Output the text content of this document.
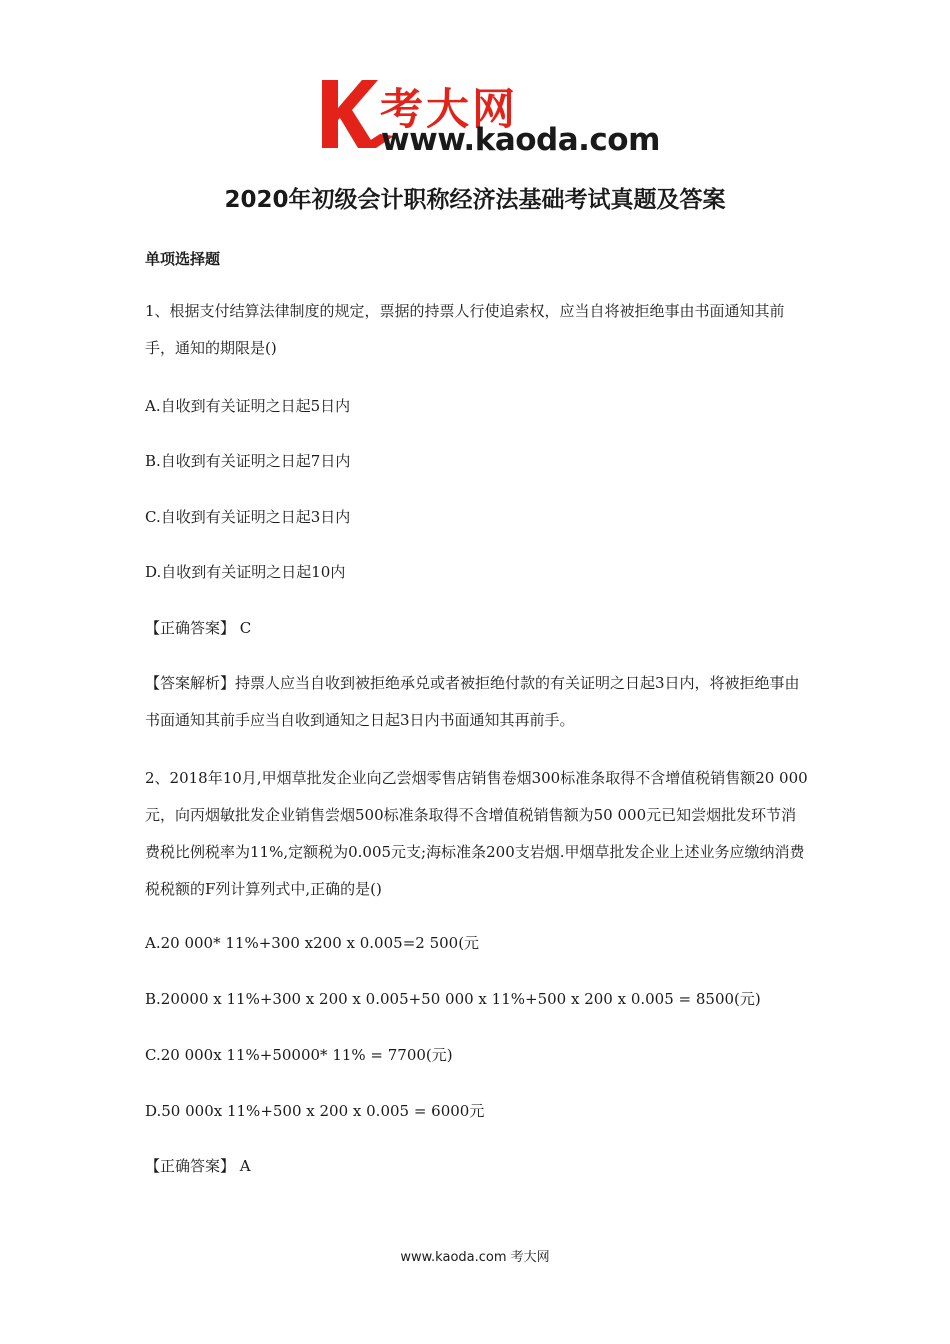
考大网
www.kaoda.com
2020年初级会计职称经济法基础考试真题及答案
单项选择题

1、根据支付结算法律制度的规定，票据的持票人行使追索权，应当自将被拒绝事由书面通知其前手，通知的期限是()

A.自收到有关证明之日起5日内

B.自收到有关证明之日起7日内

C.自收到有关证明之日起3日内

D.自收到有关证明之日起10内

【正确答案】 C

【答案解析】持票人应当自收到被拒绝承兑或者被拒绝付款的有关证明之日起3日内，将被拒绝事由书面通知其前手应当自收到通知之日起3日内书面通知其再前手。

2、2018年10月,甲烟草批发企业向乙尝烟零售店销售卷烟300标准条取得不含增值税销售额20 000元，向丙烟敏批发企业销售尝烟500标准条取得不含增值税销售额为50 000元已知尝烟批发环节消费税比例税率为11%,定额税为0.005元支;海标准条200支岩烟.甲烟草批发企业上述业务应缴纳消费税税额的F列计算列式中,正确的是()

A.20 000* 11%+300 x200 x 0.005=2 500(元

B.20000 x 11%+300 x 200 x 0.005+50 000 x 11%+500 x 200 x 0.005 = 8500(元)

C.20 000x 11%+50000* 11% = 7700(元)

D.50 000x 11%+500 x 200 x 0.005 = 6000元

【正确答案】 A

www.kaoda.com 考大网
